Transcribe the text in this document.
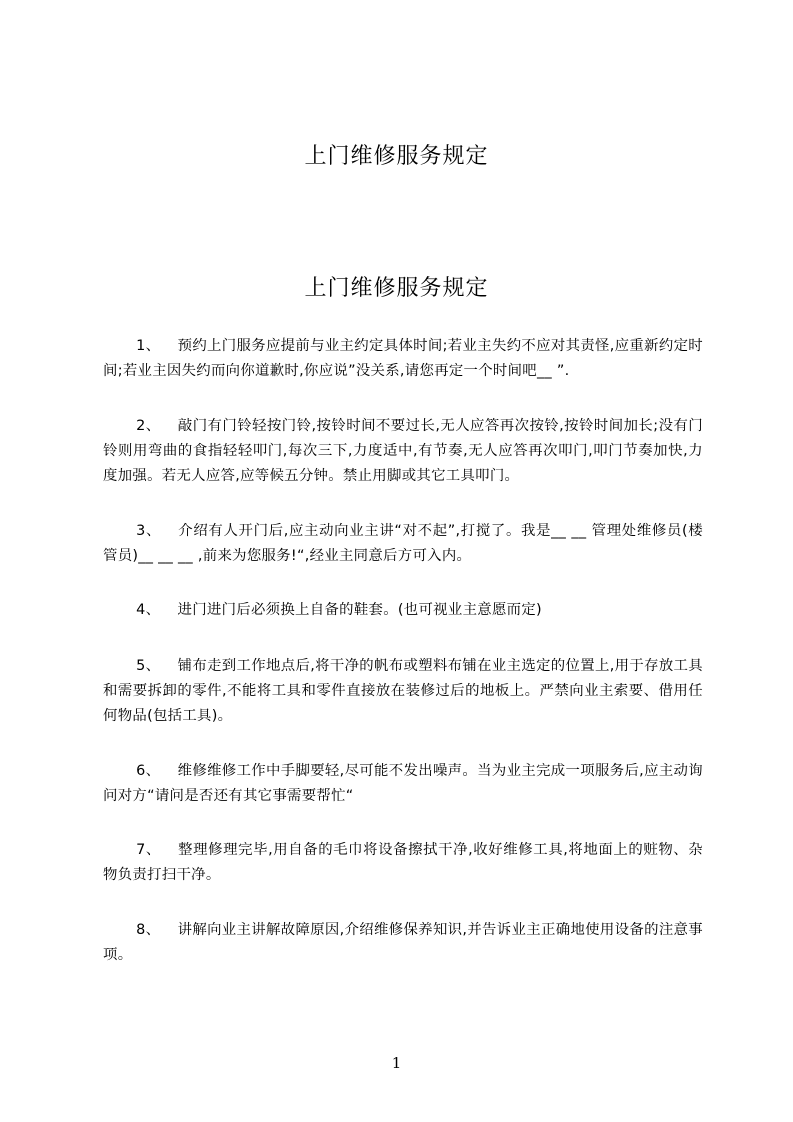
上门维修服务规定
上门维修服务规定
1、 预约上门服务应提前与业主约定具体时间;若业主失约不应对其责怪,应重新约定时间;若业主因失约而向你道歉时,你应说”没关系,请您再定一个时间吧__ ”.
2、 敲门有门铃轻按门铃,按铃时间不要过长,无人应答再次按铃,按铃时间加长;没有门铃则用弯曲的食指轻轻叩门,每次三下,力度适中,有节奏,无人应答再次叩门,叩门节奏加快,力度加强。若无人应答,应等候五分钟。禁止用脚或其它工具叩门。
3、 介绍有人开门后,应主动向业主讲“对不起”,打搅了。我是__ __ 管理处维修员(楼管员)__ __ __ ,前来为您服务!“,经业主同意后方可入内。
4、 进门进门后必须换上自备的鞋套。(也可视业主意愿而定)
5、 铺布走到工作地点后,将干净的帆布或塑料布铺在业主选定的位置上,用于存放工具和需要拆卸的零件,不能将工具和零件直接放在装修过后的地板上。严禁向业主索要、借用任何物品(包括工具)。
6、 维修维修工作中手脚要轻,尽可能不发出噪声。当为业主完成一项服务后,应主动询问对方“请问是否还有其它事需要帮忙“
7、 整理修理完毕,用自备的毛巾将设备擦拭干净,收好维修工具,将地面上的赃物、杂物负责打扫干净。
8、 讲解向业主讲解故障原因,介绍维修保养知识,并告诉业主正确地使用设备的注意事项。
1
